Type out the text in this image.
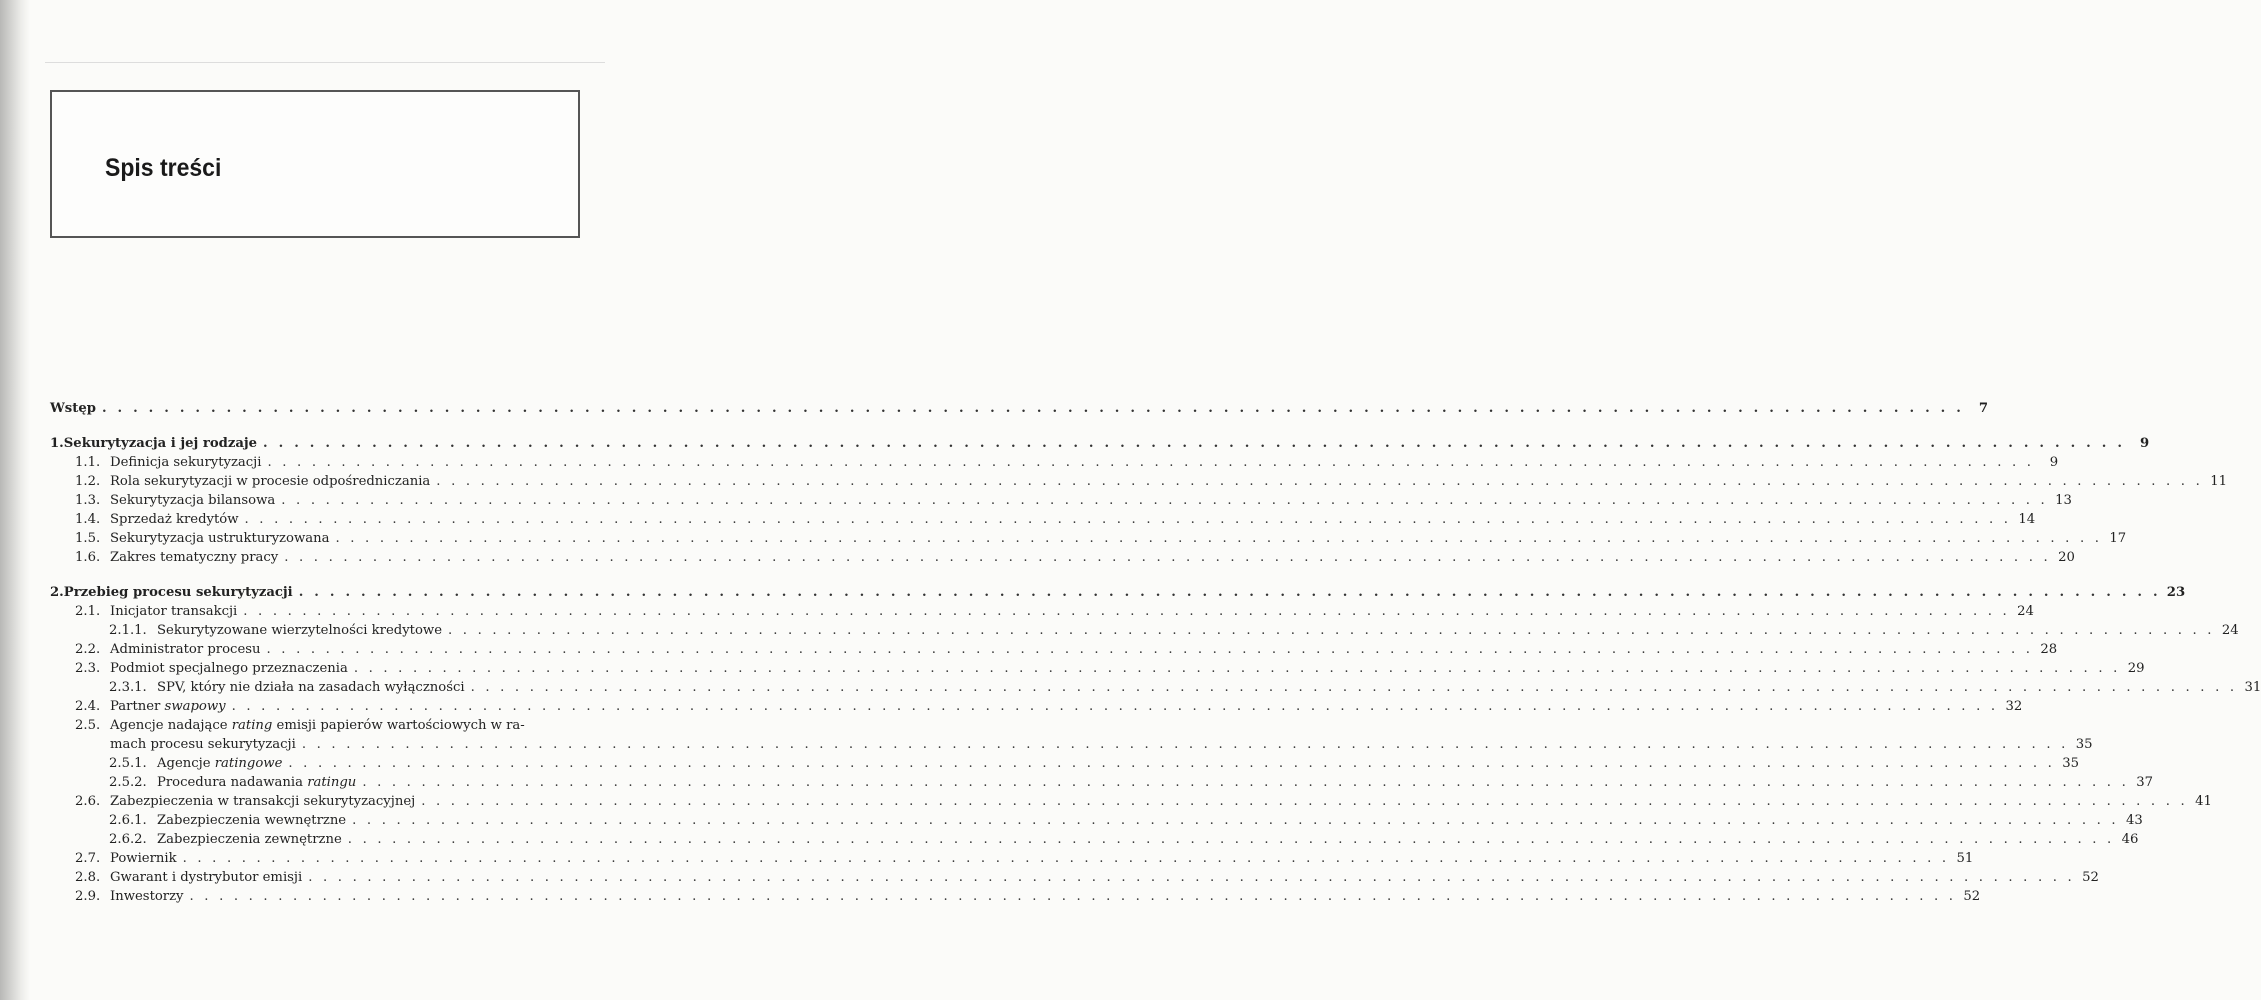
Spis treści
Wstęp . . . . . . . . . . . . . . . . . . . . . . . . . . . . . . . . . . . . . . . . . . . . . . . . . . . . . . . . . . . . . . . . . . . . . . . . . . . . . . . . . . . . . . . . . . . . . . . . . . . . . . . . . . . . . . . . . . . . . . . .	7
1. Sekurytyzacja i jej rodzaje . . . . . . . . . . . . . . . . . . . . . . . . . . . . . . . . . . . . . . . . . . . . . . . . . . . . . . . . . . . . . . . . . . . . . . . . . . . . . . . . . . . . . . . . . . . . . . . . . . . . . . . . . . . . . . . . . . . . . . . .	9
1.1. Definicja sekurytyzacji . . . . . . . . . . . . . . . . . . . . . . . . . . . . . . . . . . . . . . . . . . . . . . . . . . . . . . . . . . . . . . . . . . . . . . . . . . . . . . . . . . . . . . . . . . . . . . . . . . . . . . . . . . . . . . . . . . . . . . . .	9
1.2. Rola sekurytyzacji w procesie odpośredniczania . . . . . . . . . . . . . . . . . . . . . . . . . . . . . . . . . . . . . . . . . . . . . . . . . . . . . . . . . . . . . . . . . . . . . . . . . . . . . . . . . . . . . . . . . . . . . . . . . . . . . . . . . . . . . . . . . . . . . . . . 11
1.3. Sekurytyzacja bilansowa . . . . . . . . . . . . . . . . . . . . . . . . . . . . . . . . . . . . . . . . . . . . . . . . . . . . . . . . . . . . . . . . . . . . . . . . . . . . . . . . . . . . . . . . . . . . . . . . . . . . . . . . . . . . . . . . . . . . . . . . 13
1.4. Sprzedaż kredytów . . . . . . . . . . . . . . . . . . . . . . . . . . . . . . . . . . . . . . . . . . . . . . . . . . . . . . . . . . . . . . . . . . . . . . . . . . . . . . . . . . . . . . . . . . . . . . . . . . . . . . . . . . . . . . . . . . . . . . . . 14
1.5. Sekurytyzacja ustrukturyzowana . . . . . . . . . . . . . . . . . . . . . . . . . . . . . . . . . . . . . . . . . . . . . . . . . . . . . . . . . . . . . . . . . . . . . . . . . . . . . . . . . . . . . . . . . . . . . . . . . . . . . . . . . . . . . . . . . . . . . . . . 17
1.6. Zakres tematyczny pracy . . . . . . . . . . . . . . . . . . . . . . . . . . . . . . . . . . . . . . . . . . . . . . . . . . . . . . . . . . . . . . . . . . . . . . . . . . . . . . . . . . . . . . . . . . . . . . . . . . . . . . . . . . . . . . . . . . . . . . . . 20
2. Przebieg procesu sekurytyzacji . . . . . . . . . . . . . . . . . . . . . . . . . . . . . . . . . . . . . . . . . . . . . . . . . . . . . . . . . . . . . . . . . . . . . . . . . . . . . . . . . . . . . . . . . . . . . . . . . . . . . . . . . . . . . . . . . . . . . . . . 23
2.1. Inicjator transakcji . . . . . . . . . . . . . . . . . . . . . . . . . . . . . . . . . . . . . . . . . . . . . . . . . . . . . . . . . . . . . . . . . . . . . . . . . . . . . . . . . . . . . . . . . . . . . . . . . . . . . . . . . . . . . . . . . . . . . . . . 24
2.1.1. Sekurytyzowane wierzytelności kredytowe . . . . . . . . . . . . . . . . . . . . . . . . . . . . . . . . . . . . . . . . . . . . . . . . . . . . . . . . . . . . . . . . . . . . . . . . . . . . . . . . . . . . . . . . . . . . . . . . . . . . . . . . . . . . . . . . . . . . . . . . 24
2.2. Administrator procesu . . . . . . . . . . . . . . . . . . . . . . . . . . . . . . . . . . . . . . . . . . . . . . . . . . . . . . . . . . . . . . . . . . . . . . . . . . . . . . . . . . . . . . . . . . . . . . . . . . . . . . . . . . . . . . . . . . . . . . . . 28
2.3. Podmiot specjalnego przeznaczenia . . . . . . . . . . . . . . . . . . . . . . . . . . . . . . . . . . . . . . . . . . . . . . . . . . . . . . . . . . . . . . . . . . . . . . . . . . . . . . . . . . . . . . . . . . . . . . . . . . . . . . . . . . . . . . . . . . . . . . . . 29
2.3.1. SPV, który nie działa na zasadach wyłączności . . . . . . . . . . . . . . . . . . . . . . . . . . . . . . . . . . . . . . . . . . . . . . . . . . . . . . . . . . . . . . . . . . . . . . . . . . . . . . . . . . . . . . . . . . . . . . . . . . . . . . . . . . . . . . . . . . . . . . . . 31
2.4. Partner swapowy . . . . . . . . . . . . . . . . . . . . . . . . . . . . . . . . . . . . . . . . . . . . . . . . . . . . . . . . . . . . . . . . . . . . . . . . . . . . . . . . . . . . . . . . . . . . . . . . . . . . . . . . . . . . . . . . . . . . . . . . 32
2.5. Agencje nadające rating emisji papierów wartościowych w ra-
mach procesu sekurytyzacji . . . . . . . . . . . . . . . . . . . . . . . . . . . . . . . . . . . . . . . . . . . . . . . . . . . . . . . . . . . . . . . . . . . . . . . . . . . . . . . . . . . . . . . . . . . . . . . . . . . . . . . . . . . . . . . . . . . . . . . . 35
2.5.1. Agencje ratingowe . . . . . . . . . . . . . . . . . . . . . . . . . . . . . . . . . . . . . . . . . . . . . . . . . . . . . . . . . . . . . . . . . . . . . . . . . . . . . . . . . . . . . . . . . . . . . . . . . . . . . . . . . . . . . . . . . . . . . . . . 35
2.5.2. Procedura nadawania ratingu . . . . . . . . . . . . . . . . . . . . . . . . . . . . . . . . . . . . . . . . . . . . . . . . . . . . . . . . . . . . . . . . . . . . . . . . . . . . . . . . . . . . . . . . . . . . . . . . . . . . . . . . . . . . . . . . . . . . . . . . 37
2.6. Zabezpieczenia w transakcji sekurytyzacyjnej . . . . . . . . . . . . . . . . . . . . . . . . . . . . . . . . . . . . . . . . . . . . . . . . . . . . . . . . . . . . . . . . . . . . . . . . . . . . . . . . . . . . . . . . . . . . . . . . . . . . . . . . . . . . . . . . . . . . . . . . 41
2.6.1. Zabezpieczenia wewnętrzne . . . . . . . . . . . . . . . . . . . . . . . . . . . . . . . . . . . . . . . . . . . . . . . . . . . . . . . . . . . . . . . . . . . . . . . . . . . . . . . . . . . . . . . . . . . . . . . . . . . . . . . . . . . . . . . . . . . . . . . . 43
2.6.2. Zabezpieczenia zewnętrzne . . . . . . . . . . . . . . . . . . . . . . . . . . . . . . . . . . . . . . . . . . . . . . . . . . . . . . . . . . . . . . . . . . . . . . . . . . . . . . . . . . . . . . . . . . . . . . . . . . . . . . . . . . . . . . . . . . . . . . . . 46
2.7. Powiernik . . . . . . . . . . . . . . . . . . . . . . . . . . . . . . . . . . . . . . . . . . . . . . . . . . . . . . . . . . . . . . . . . . . . . . . . . . . . . . . . . . . . . . . . . . . . . . . . . . . . . . . . . . . . . . . . . . . . . . . . 51
2.8. Gwarant i dystrybutor emisji . . . . . . . . . . . . . . . . . . . . . . . . . . . . . . . . . . . . . . . . . . . . . . . . . . . . . . . . . . . . . . . . . . . . . . . . . . . . . . . . . . . . . . . . . . . . . . . . . . . . . . . . . . . . . . . . . . . . . . . . 52
2.9. Inwestorzy . . . . . . . . . . . . . . . . . . . . . . . . . . . . . . . . . . . . . . . . . . . . . . . . . . . . . . . . . . . . . . . . . . . . . . . . . . . . . . . . . . . . . . . . . . . . . . . . . . . . . . . . . . . . . . . . . . . . . . . . 52
